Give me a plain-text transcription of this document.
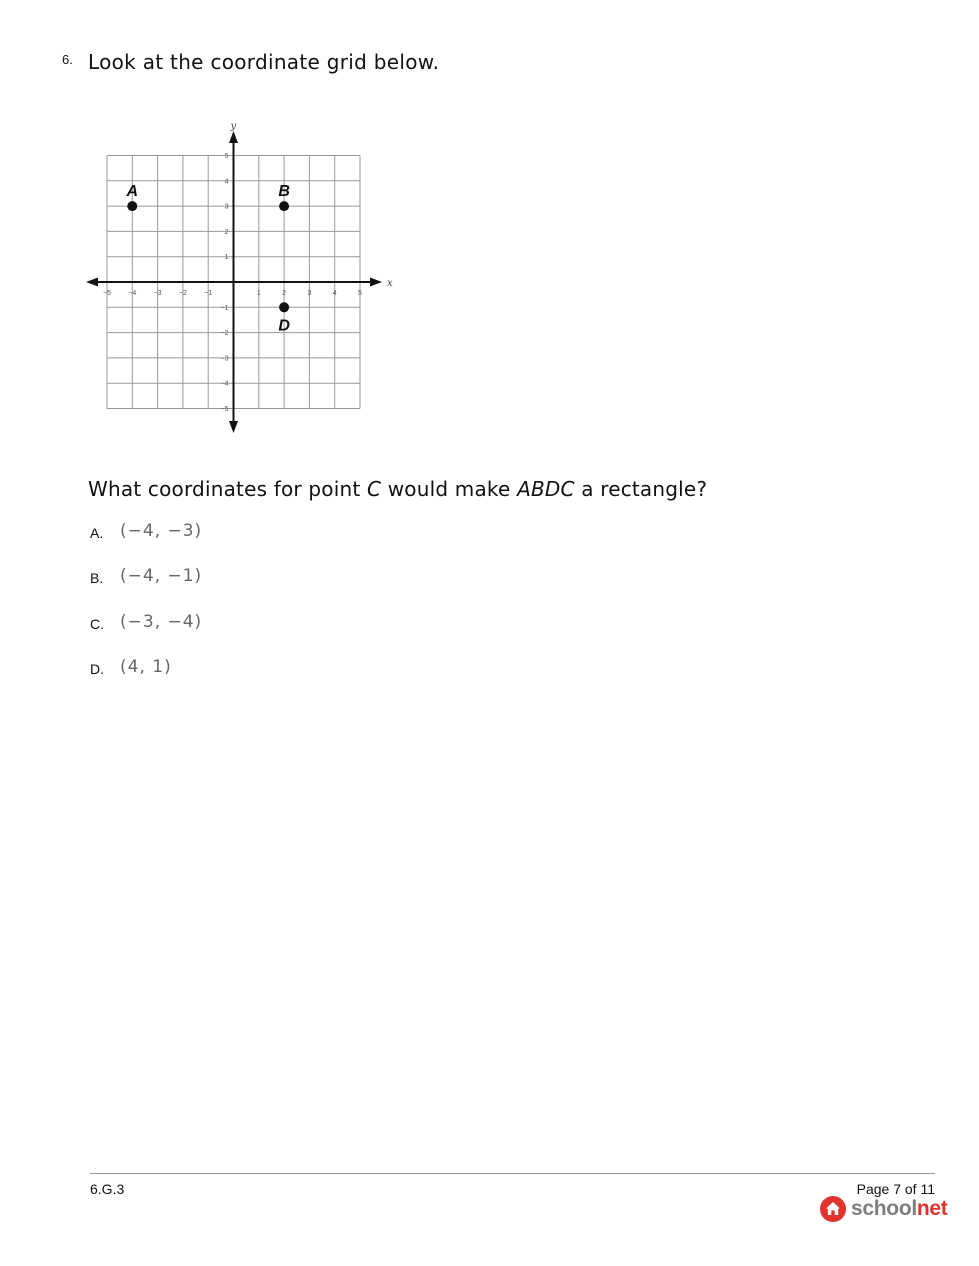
6. Look at the coordinate grid below.
x
y
−5 −4 −3 −2 −1	1	2	3	4	5
5
4
3
2
1
−1
−2
−3
−4
−5
A	B
D
What coordinates for point C would make ABDC a rectangle?
A. (−4, −3)
B. (−4, −1)
C. (−3, −4)
D. (4, 1)
6.G.3	Page 7 of 11
schoolnet
